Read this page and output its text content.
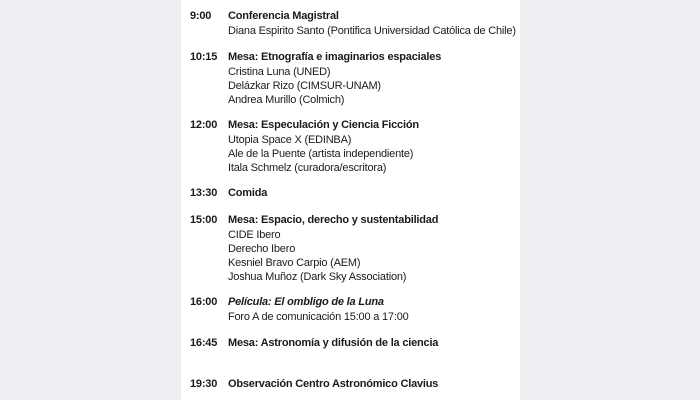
9:00 Conferencia Magistral
Diana Espirito Santo (Pontifica Universidad Católica de Chile)
10:15 Mesa: Etnografía e imaginarios espaciales
Cristina Luna (UNED)
Delázkar Rizo (CIMSUR-UNAM)
Andrea Murillo (Colmich)
12:00 Mesa: Especulación y Ciencia Ficción
Utopia Space X (EDINBA)
Ale de la Puente (artista independiente)
Itala Schmelz (curadora/escritora)
13:30 Comida
15:00 Mesa: Espacio, derecho y sustentabilidad
CIDE Ibero
Derecho Ibero
Kesniel Bravo Carpio (AEM)
Joshua Muñoz (Dark Sky Association)
16:00 Película: El ombligo de la Luna
Foro A de comunicación 15:00 a 17:00
16:45 Mesa: Astronomía y difusión de la ciencia
19:30 Observación Centro Astronómico Clavius
